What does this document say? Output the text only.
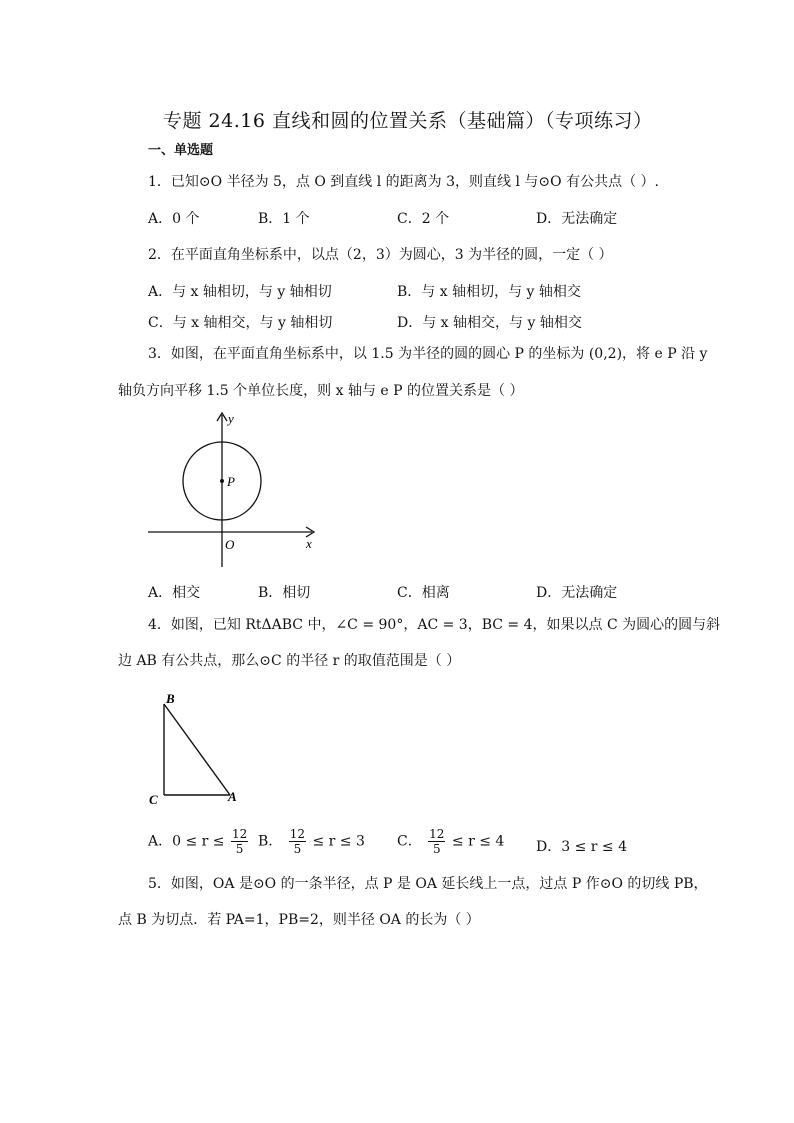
专题 24.16 直线和圆的位置关系（基础篇）（专项练习）
一、单选题
1．已知⊙O 半径为 5，点 O 到直线 l 的距离为 3，则直线 l 与⊙O 有公共点（ ）.
A．0 个	B．1 个	C．2 个	D．无法确定
2．在平面直角坐标系中，以点（2，3）为圆心，3 为半径的圆，一定（ ）
A．与 x 轴相切，与 y 轴相切	B．与 x 轴相切，与 y 轴相交
C．与 x 轴相交，与 y 轴相切	D．与 x 轴相交，与 y 轴相交
3．如图，在平面直角坐标系中，以 1.5 为半径的圆的圆心 P 的坐标为 (0,2)，将 e P 沿 y
轴负方向平移 1.5 个单位长度，则 x 轴与 e P 的位置关系是（ ）
y
x
O
P
A．相交	B．相切	C．相离	D．无法确定
4．如图，已知 RtΔABC 中，∠C = 90°，AC = 3，BC = 4，如果以点 C 为圆心的圆与斜
边 AB 有公共点，那么⊙C 的半径 r 的取值范围是（ ）
B
C	A
A．$0 \le r \le \frac{12}{5}$ B． $\frac{12}{5} \le r \le 3$ C． $\frac{12}{5} \le r \le 4$ D．3 ≤ r ≤ 4
5．如图，OA 是⊙O 的一条半径，点 P 是 OA 延长线上一点，过点 P 作⊙O 的切线 PB，
点 B 为切点．若 PA=1，PB=2，则半径 OA 的长为（ ）
